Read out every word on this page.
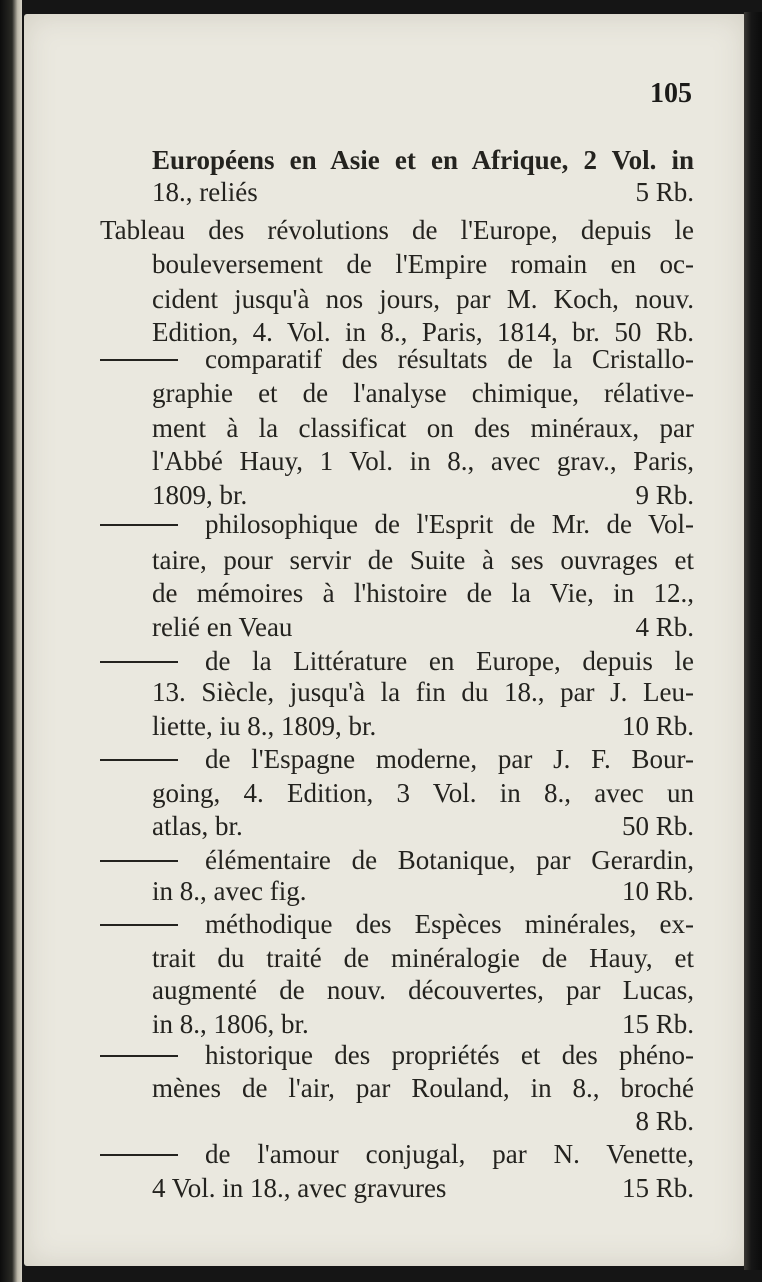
105
Européens en Asie et en Afrique, 2 Vol. in
18., reliés	5 Rb.
Tableau des révolutions de l'Europe, depuis le
bouleversement de l'Empire romain en oc-
cident jusqu'à nos jours, par M. Koch, nouv.
Edition, 4. Vol. in 8., Paris, 1814, br. 50 Rb.
comparatif des résultats de la Cristallo-
graphie et de l'analyse chimique, rélative-
ment à la classificat on des minéraux, par
l'Abbé Hauy, 1 Vol. in 8., avec grav., Paris,
1809, br.	9 Rb.
philosophique de l'Esprit de Mr. de Vol-
taire, pour servir de Suite à ses ouvrages et
de mémoires à l'histoire de la Vie, in 12.,
relié en Veau	4 Rb.
de la Littérature en Europe, depuis le
13. Siècle, jusqu'à la fin du 18., par J. Leu-
liette, iu 8., 1809, br.	10 Rb.
de l'Espagne moderne, par J. F. Bour-
going, 4. Edition, 3 Vol. in 8., avec un
atlas, br.	50 Rb.
élémentaire de Botanique, par Gerardin,
in 8., avec fig.	10 Rb.
méthodique des Espèces minérales, ex-
trait du traité de minéralogie de Hauy, et
augmenté de nouv. découvertes, par Lucas,
in 8., 1806, br.	15 Rb.
historique des propriétés et des phéno-
mènes de l'air, par Rouland, in 8., broché
8 Rb.
de l'amour conjugal, par N. Venette,
4 Vol. in 18., avec gravures	15 Rb.
